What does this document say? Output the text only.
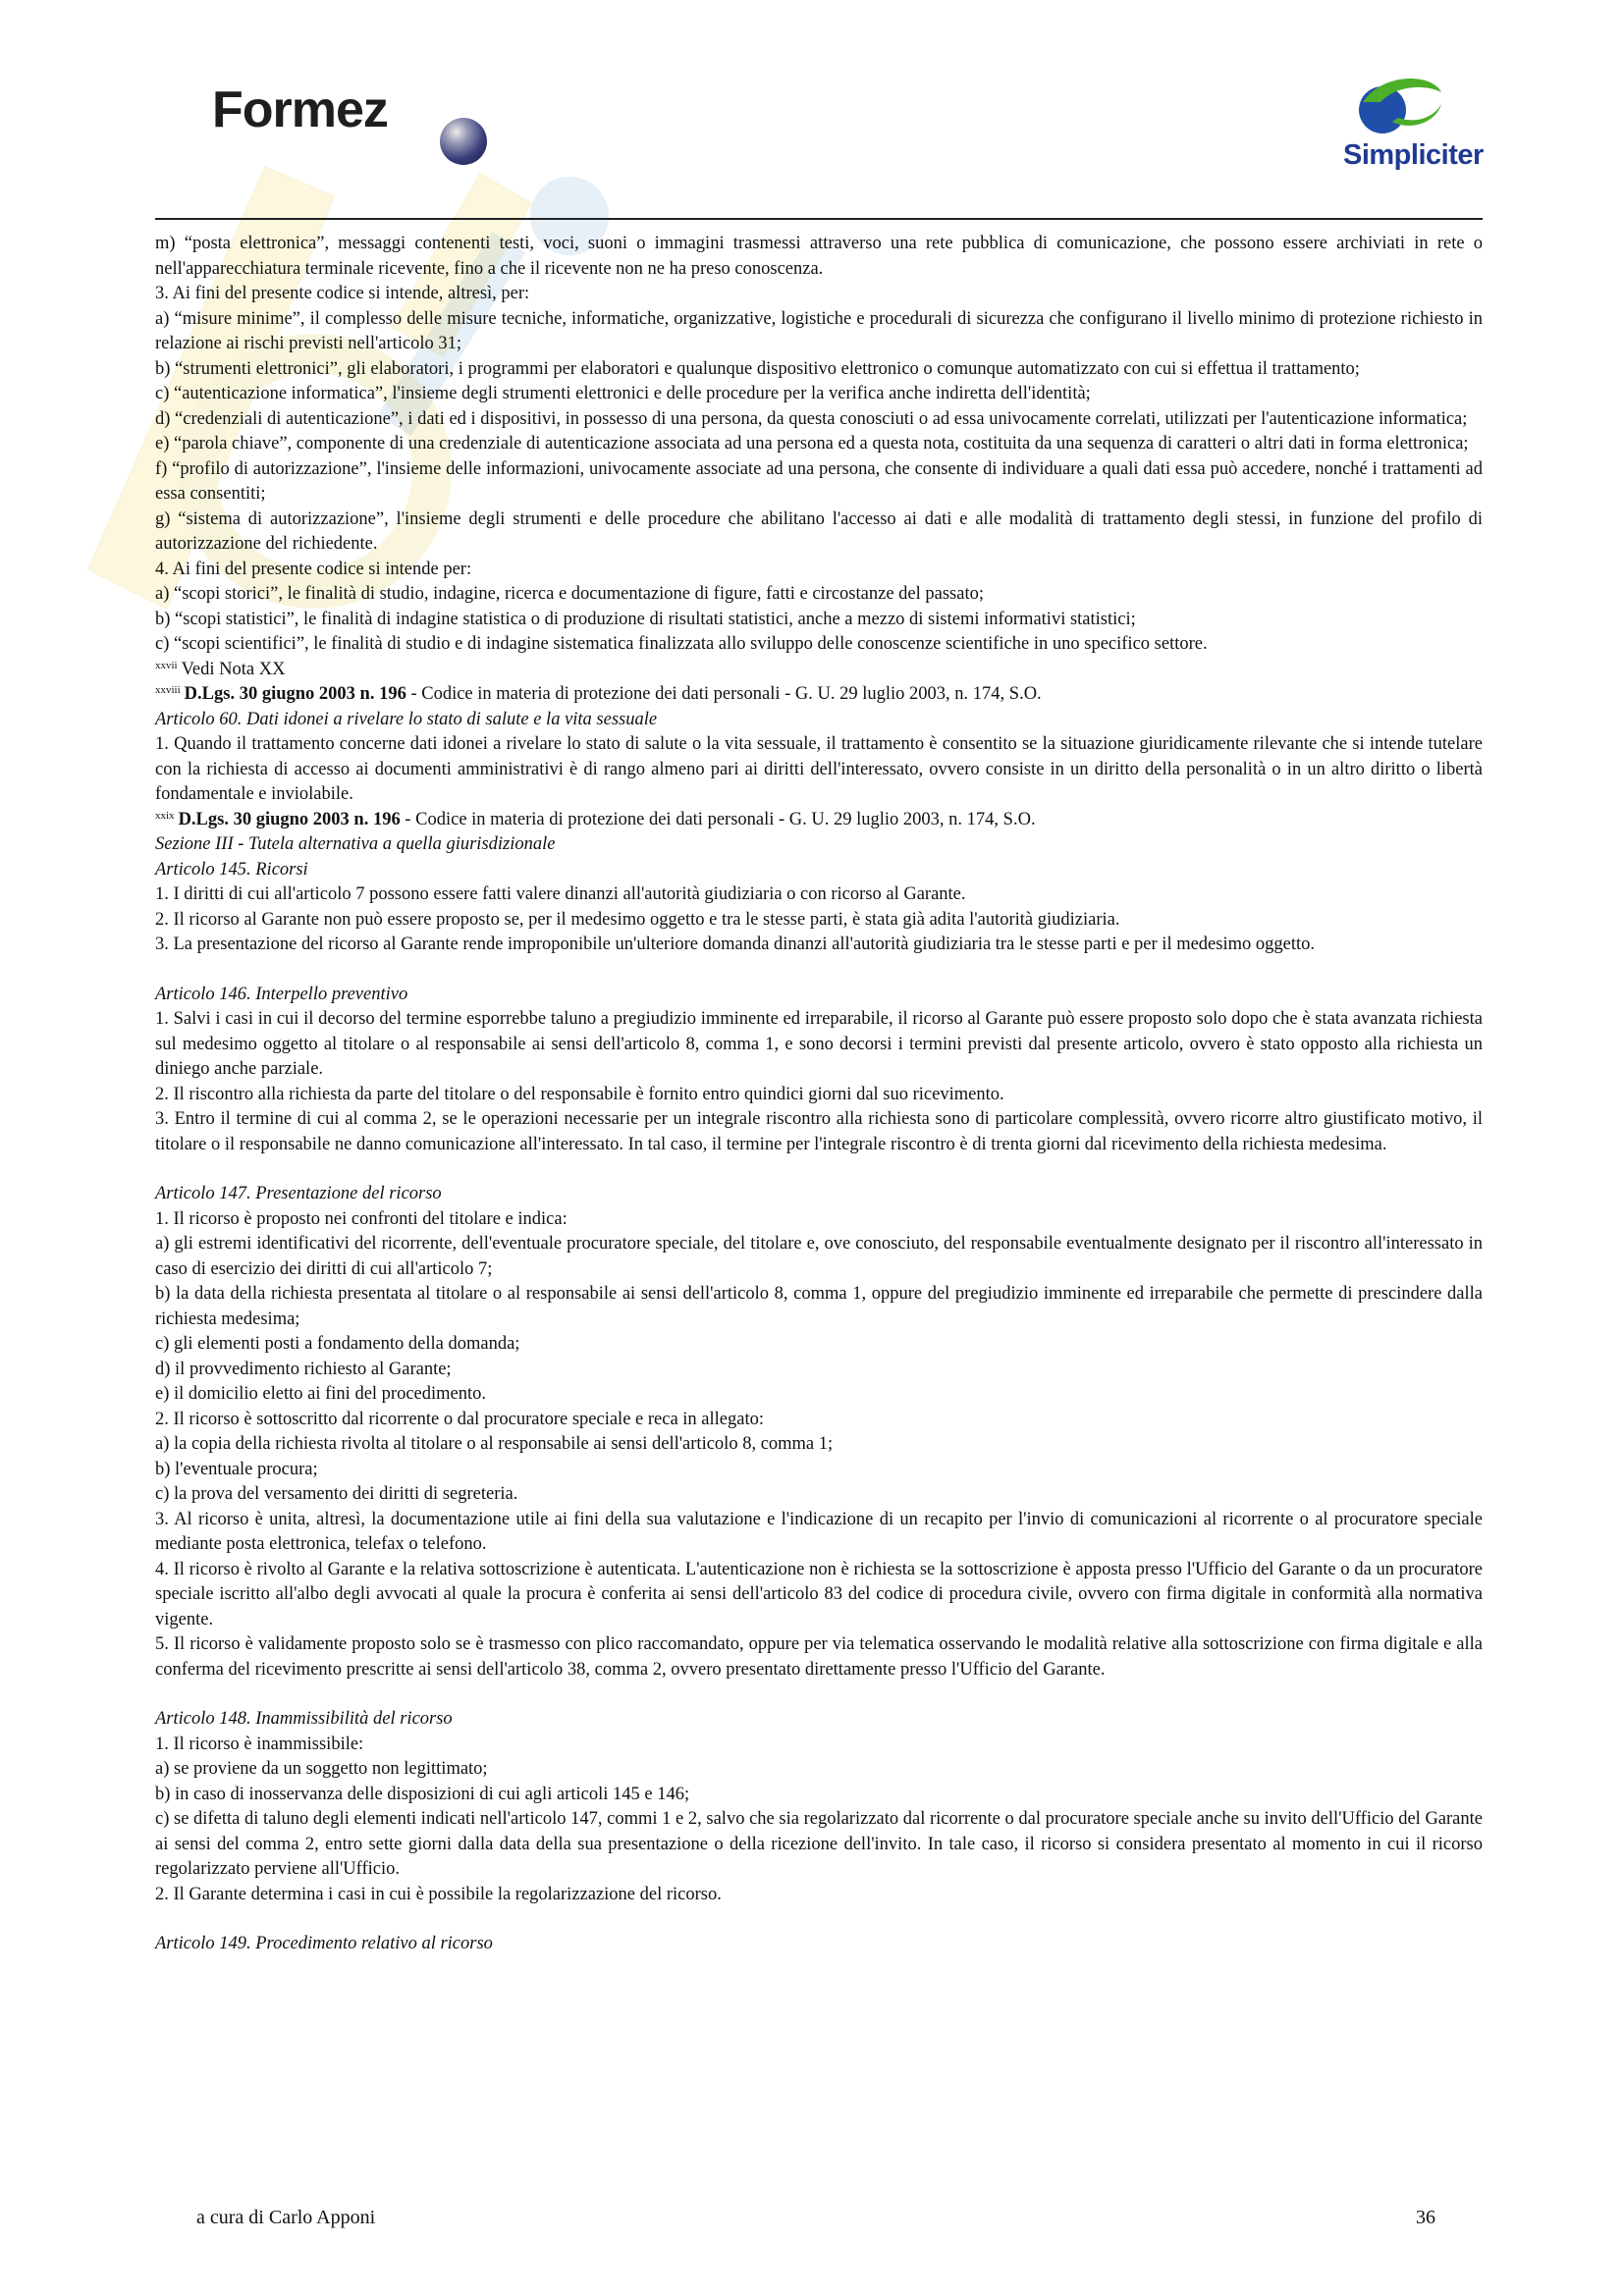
Formez
Simpliciter

m) “posta elettronica”, messaggi contenenti testi, voci, suoni o immagini trasmessi attraverso una rete pubblica di comunicazione, che possono essere archiviati in rete o nell'apparecchiatura terminale ricevente, fino a che il ricevente non ne ha preso conoscenza.

3. Ai fini del presente codice si intende, altresì, per:

a) “misure minime”, il complesso delle misure tecniche, informatiche, organizzative, logistiche e procedurali di sicurezza che configurano il livello minimo di protezione richiesto in relazione ai rischi previsti nell'articolo 31;

b) “strumenti elettronici”, gli elaboratori, i programmi per elaboratori e qualunque dispositivo elettronico o comunque automatizzato con cui si effettua il trattamento;

c) “autenticazione informatica”, l'insieme degli strumenti elettronici e delle procedure per la verifica anche indiretta dell'identità;

d) “credenziali di autenticazione”, i dati ed i dispositivi, in possesso di una persona, da questa conosciuti o ad essa univocamente correlati, utilizzati per l'autenticazione informatica;

e) “parola chiave”, componente di una credenziale di autenticazione associata ad una persona ed a questa nota, costituita da una sequenza di caratteri o altri dati in forma elettronica;

f) “profilo di autorizzazione”, l'insieme delle informazioni, univocamente associate ad una persona, che consente di individuare a quali dati essa può accedere, nonché i trattamenti ad essa consentiti;

g) “sistema di autorizzazione”, l'insieme degli strumenti e delle procedure che abilitano l'accesso ai dati e alle modalità di trattamento degli stessi, in funzione del profilo di autorizzazione del richiedente.

4. Ai fini del presente codice si intende per:

a) “scopi storici”, le finalità di studio, indagine, ricerca e documentazione di figure, fatti e circostanze del passato;

b) “scopi statistici”, le finalità di indagine statistica o di produzione di risultati statistici, anche a mezzo di sistemi informativi statistici;

c) “scopi scientifici”, le finalità di studio e di indagine sistematica finalizzata allo sviluppo delle conoscenze scientifiche in uno specifico settore.

$^{xxvii}$ Vedi Nota XX

$^{xxviii}$ D.Lgs. 30 giugno 2003 n. 196 - Codice in materia di protezione dei dati personali - G. U. 29 luglio 2003, n. 174, S.O.

Articolo 60. Dati idonei a rivelare lo stato di salute e la vita sessuale

1. Quando il trattamento concerne dati idonei a rivelare lo stato di salute o la vita sessuale, il trattamento è consentito se la situazione giuridicamente rilevante che si intende tutelare con la richiesta di accesso ai documenti amministrativi è di rango almeno pari ai diritti dell'interessato, ovvero consiste in un diritto della personalità o in un altro diritto o libertà fondamentale e inviolabile.

$^{xxix}$ D.Lgs. 30 giugno 2003 n. 196 - Codice in materia di protezione dei dati personali - G. U. 29 luglio 2003, n. 174, S.O.

Sezione III - Tutela alternativa a quella giurisdizionale

Articolo 145. Ricorsi

1. I diritti di cui all'articolo 7 possono essere fatti valere dinanzi all'autorità giudiziaria o con ricorso al Garante.

2. Il ricorso al Garante non può essere proposto se, per il medesimo oggetto e tra le stesse parti, è stata già adita l'autorità giudiziaria.

3. La presentazione del ricorso al Garante rende improponibile un'ulteriore domanda dinanzi all'autorità giudiziaria tra le stesse parti e per il medesimo oggetto.

Articolo 146. Interpello preventivo

1. Salvi i casi in cui il decorso del termine esporrebbe taluno a pregiudizio imminente ed irreparabile, il ricorso al Garante può essere proposto solo dopo che è stata avanzata richiesta sul medesimo oggetto al titolare o al responsabile ai sensi dell'articolo 8, comma 1, e sono decorsi i termini previsti dal presente articolo, ovvero è stato opposto alla richiesta un diniego anche parziale.

2. Il riscontro alla richiesta da parte del titolare o del responsabile è fornito entro quindici giorni dal suo ricevimento.

3. Entro il termine di cui al comma 2, se le operazioni necessarie per un integrale riscontro alla richiesta sono di particolare complessità, ovvero ricorre altro giustificato motivo, il titolare o il responsabile ne danno comunicazione all'interessato. In tal caso, il termine per l'integrale riscontro è di trenta giorni dal ricevimento della richiesta medesima.

Articolo 147. Presentazione del ricorso

1. Il ricorso è proposto nei confronti del titolare e indica:

a) gli estremi identificativi del ricorrente, dell'eventuale procuratore speciale, del titolare e, ove conosciuto, del responsabile eventualmente designato per il riscontro all'interessato in caso di esercizio dei diritti di cui all'articolo 7;

b) la data della richiesta presentata al titolare o al responsabile ai sensi dell'articolo 8, comma 1, oppure del pregiudizio imminente ed irreparabile che permette di prescindere dalla richiesta medesima;

c) gli elementi posti a fondamento della domanda;

d) il provvedimento richiesto al Garante;

e) il domicilio eletto ai fini del procedimento.

2. Il ricorso è sottoscritto dal ricorrente o dal procuratore speciale e reca in allegato:

a) la copia della richiesta rivolta al titolare o al responsabile ai sensi dell'articolo 8, comma 1;

b) l'eventuale procura;

c) la prova del versamento dei diritti di segreteria.

3. Al ricorso è unita, altresì, la documentazione utile ai fini della sua valutazione e l'indicazione di un recapito per l'invio di comunicazioni al ricorrente o al procuratore speciale mediante posta elettronica, telefax o telefono.

4. Il ricorso è rivolto al Garante e la relativa sottoscrizione è autenticata. L'autenticazione non è richiesta se la sottoscrizione è apposta presso l'Ufficio del Garante o da un procuratore speciale iscritto all'albo degli avvocati al quale la procura è conferita ai sensi dell'articolo 83 del codice di procedura civile, ovvero con firma digitale in conformità alla normativa vigente.

5. Il ricorso è validamente proposto solo se è trasmesso con plico raccomandato, oppure per via telematica osservando le modalità relative alla sottoscrizione con firma digitale e alla conferma del ricevimento prescritte ai sensi dell'articolo 38, comma 2, ovvero presentato direttamente presso l'Ufficio del Garante.

Articolo 148. Inammissibilità del ricorso

1. Il ricorso è inammissibile:

a) se proviene da un soggetto non legittimato;

b) in caso di inosservanza delle disposizioni di cui agli articoli 145 e 146;

c) se difetta di taluno degli elementi indicati nell'articolo 147, commi 1 e 2, salvo che sia regolarizzato dal ricorrente o dal procuratore speciale anche su invito dell'Ufficio del Garante ai sensi del comma 2, entro sette giorni dalla data della sua presentazione o della ricezione dell'invito. In tale caso, il ricorso si considera presentato al momento in cui il ricorso regolarizzato perviene all'Ufficio.

2. Il Garante determina i casi in cui è possibile la regolarizzazione del ricorso.

Articolo 149. Procedimento relativo al ricorso

a cura di Carlo Apponi	36
